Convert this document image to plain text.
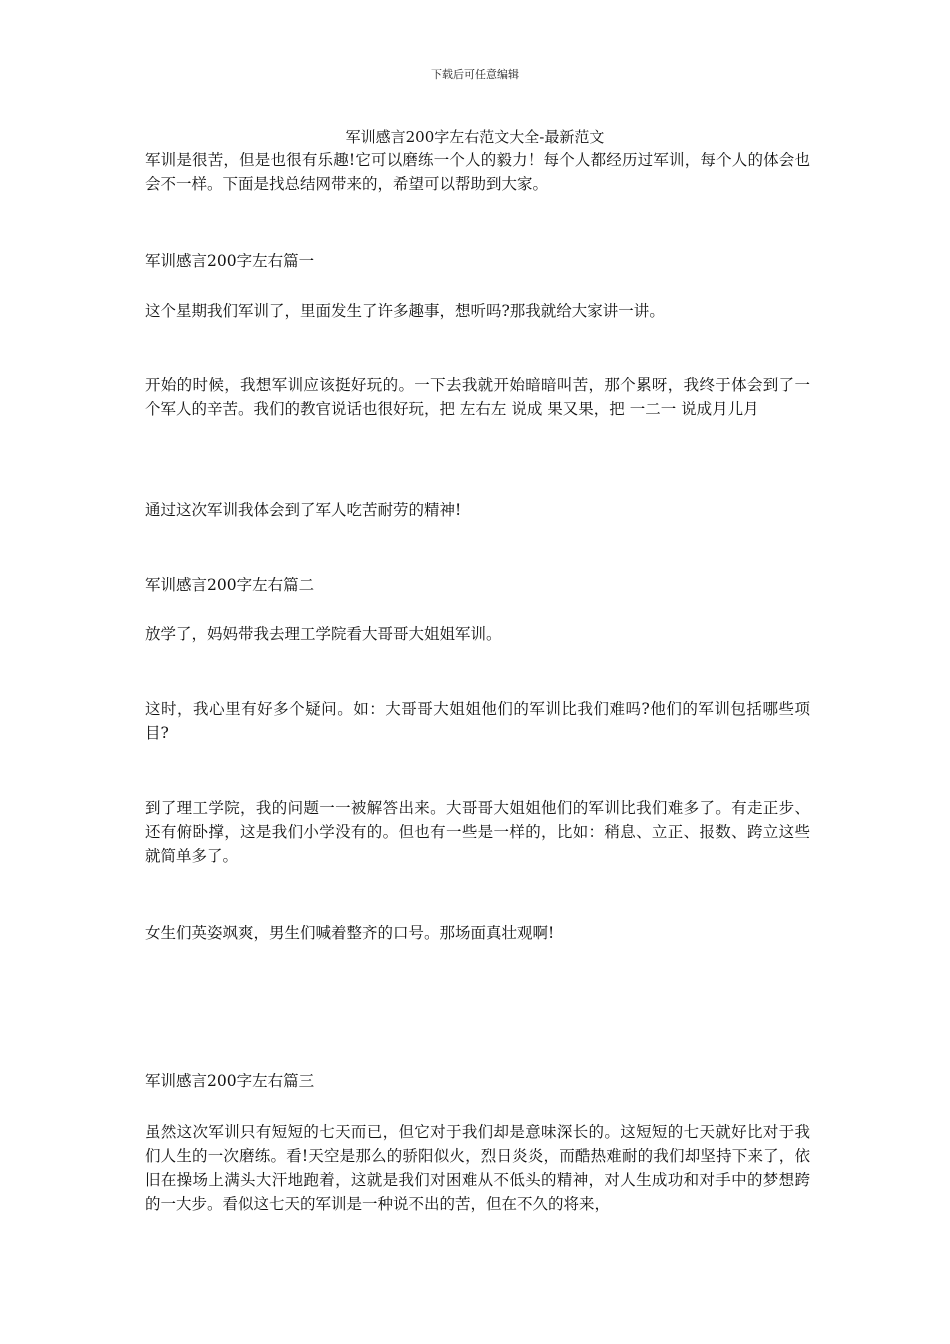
下载后可任意编辑
军训感言200字左右范文大全-最新范文

军训是很苦，但是也很有乐趣!它可以磨练一个人的毅力！每个人都经历过军训，每个人的体会也会不一样。下面是找总结网带来的，希望可以帮助到大家。

军训感言200字左右篇一

这个星期我们军训了，里面发生了许多趣事，想听吗?那我就给大家讲一讲。

开始的时候，我想军训应该挺好玩的。一下去我就开始暗暗叫苦，那个累呀，我终于体会到了一个军人的辛苦。我们的教官说话也很好玩，把 左右左 说成 果又果，把 一二一 说成月儿月

通过这次军训我体会到了军人吃苦耐劳的精神!

军训感言200字左右篇二

放学了，妈妈带我去理工学院看大哥哥大姐姐军训。

这时，我心里有好多个疑问。如：大哥哥大姐姐他们的军训比我们难吗?他们的军训包括哪些项目?

到了理工学院，我的问题一一被解答出来。大哥哥大姐姐他们的军训比我们难多了。有走正步、还有俯卧撑，这是我们小学没有的。但也有一些是一样的，比如：稍息、立正、报数、跨立这些就简单多了。

女生们英姿飒爽，男生们喊着整齐的口号。那场面真壮观啊!

军训感言200字左右篇三

虽然这次军训只有短短的七天而已，但它对于我们却是意味深长的。这短短的七天就好比对于我们人生的一次磨练。看!天空是那么的骄阳似火，烈日炎炎，而酷热难耐的我们却坚持下来了，依旧在操场上满头大汗地跑着，这就是我们对困难从不低头的精神，对人生成功和对手中的梦想跨的一大步。看似这七天的军训是一种说不出的苦，但在不久的将来，
